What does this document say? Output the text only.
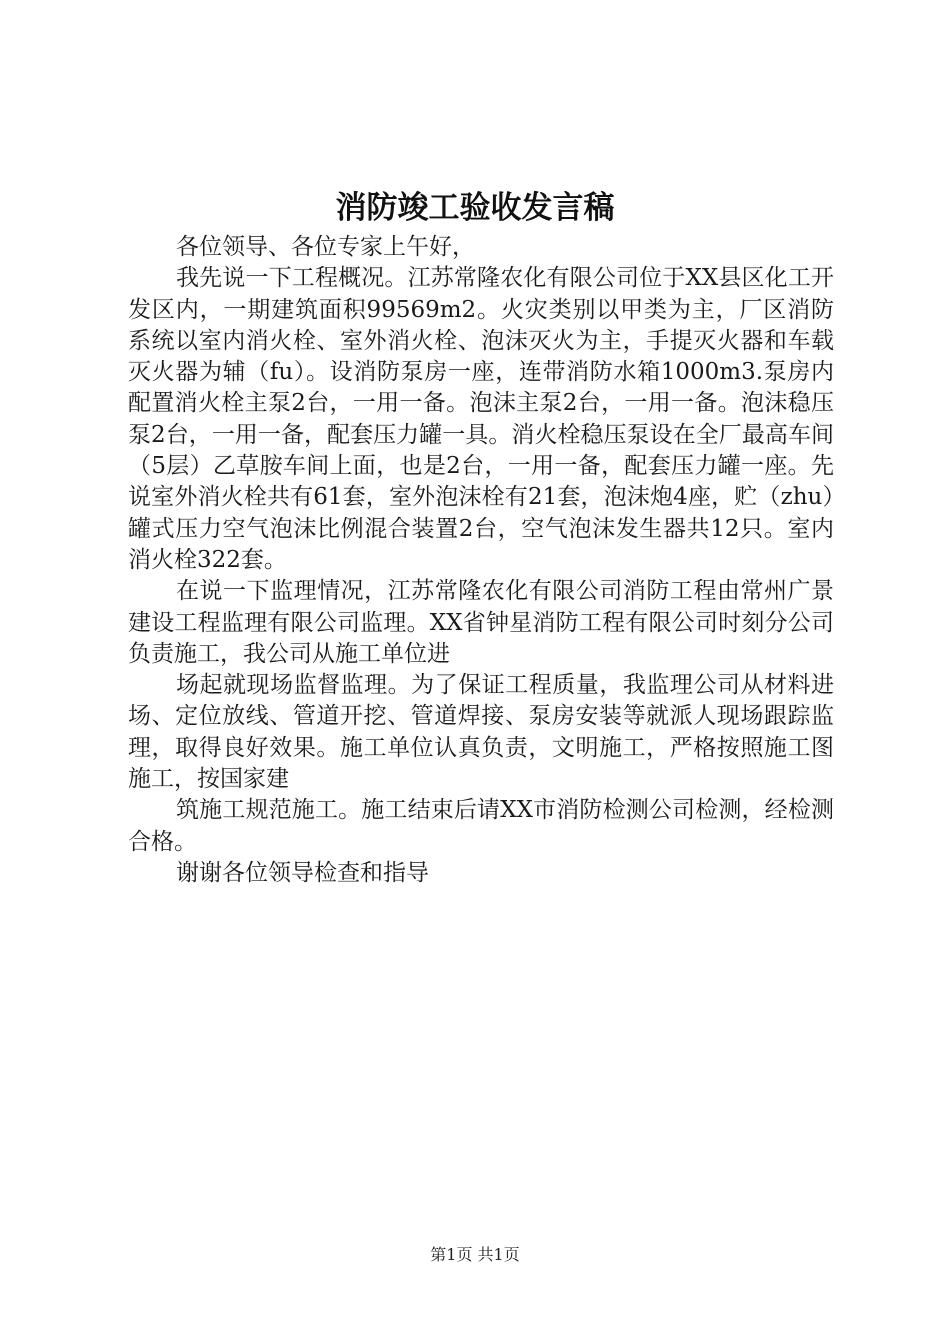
消防竣工验收发言稿

各位领导、各位专家上午好，

我先说一下工程概况。江苏常隆农化有限公司位于XX县区化工开发区内，一期建筑面积99569m2。火灾类别以甲类为主，厂区消防系统以室内消火栓、室外消火栓、泡沫灭火为主，手提灭火器和车载灭火器为辅（fu）。设消防泵房一座，连带消防水箱1000m3.泵房内配置消火栓主泵2台，一用一备。泡沫主泵2台，一用一备。泡沫稳压泵2台，一用一备，配套压力罐一具。消火栓稳压泵设在全厂最高车间（5层）乙草胺车间上面，也是2台，一用一备，配套压力罐一座。先说室外消火栓共有61套，室外泡沫栓有21套，泡沫炮4座，贮（zhu）罐式压力空气泡沫比例混合装置2台，空气泡沫发生器共12只。室内消火栓322套。

在说一下监理情况，江苏常隆农化有限公司消防工程由常州广景建设工程监理有限公司监理。XX省钟星消防工程有限公司时刻分公司负责施工，我公司从施工单位进

场起就现场监督监理。为了保证工程质量，我监理公司从材料进场、定位放线、管道开挖、管道焊接、泵房安装等就派人现场跟踪监理，取得良好效果。施工单位认真负责，文明施工，严格按照施工图施工，按国家建

筑施工规范施工。施工结束后请XX市消防检测公司检测，经检测合格。

谢谢各位领导检查和指导

第1页 共1页
